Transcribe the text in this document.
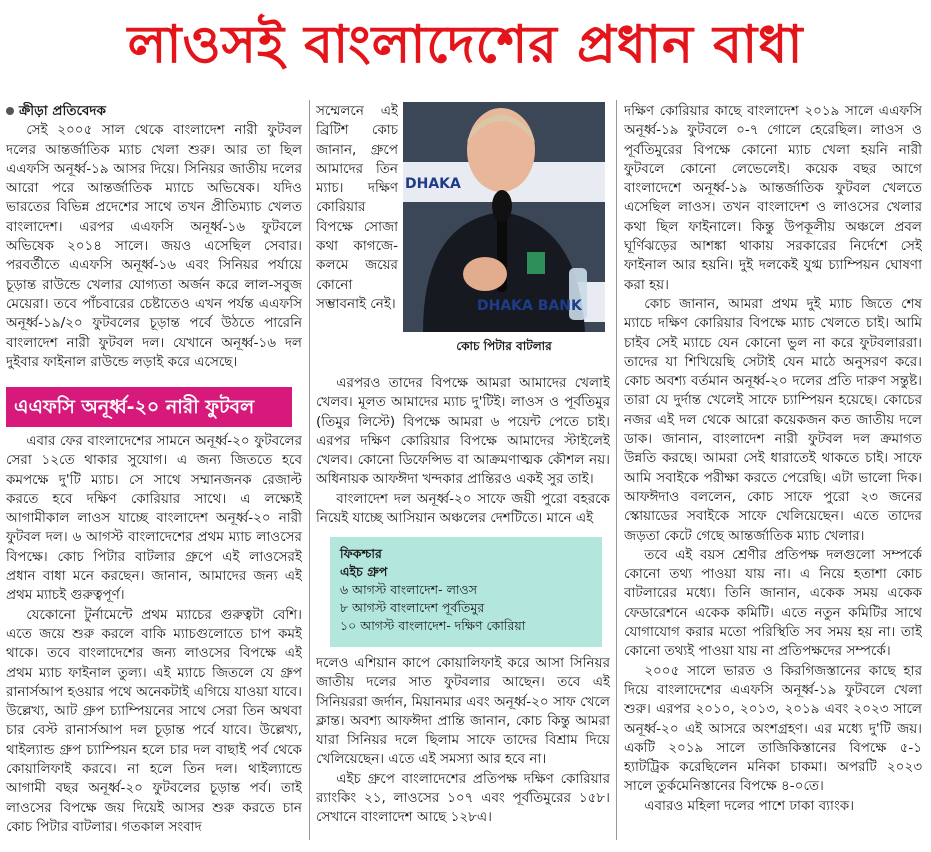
লাওসই বাংলাদেশের প্রধান বাধা
ক্রীড়া প্রতিবেদক

সেই ২০০৫ সাল থেকে বাংলাদেশ নারী ফুটবল দলের আন্তর্জাতিক ম্যাচ খেলা শুরু। আর তা ছিল এএফসি অনূর্ধ্ব-১৯ আসর দিয়ে। সিনিয়র জাতীয় দলের আরো পরে আন্তর্জাতিক ম্যাচে অভিষেক। যদিও ভারতের বিভিন্ন প্রদেশের সাথে তখন প্রীতিম্যাচ খেলত বাংলাদেশ। এরপর এএফসি অনূর্ধ্ব-১৬ ফুটবলে অভিষেক ২০১৪ সালে। জয়ও এসেছিল সেবার। পরবর্তীতে এএফসি অনূর্ধ্ব-১৬ এবং সিনিয়র পর্যায়ে চূড়ান্ত রাউন্ডে খেলার যোগ্যতা অর্জন করে লাল-সবুজ মেয়েরা। তবে পাঁচবারের চেষ্টাতেও এখন পর্যন্ত এএফসি অনূর্ধ্ব-১৯/২০ ফুটবলের চূড়ান্ত পর্বে উঠতে পারেনি বাংলাদেশ নারী ফুটবল দল। যেখানে অনূর্ধ্ব-১৬ দল দুইবার ফাইনাল রাউন্ডে লড়াই করে এসেছে।

এএফসি অনূর্ধ্ব-২০ নারী ফুটবল

এবার ফের বাংলাদেশের সামনে অনূর্ধ্ব-২০ ফুটবলের সেরা ১২তে থাকার সুযোগ। এ জন্য জিততে হবে কমপক্ষে দু'টি ম্যাচ। সে সাথে সম্মানজনক রেজাল্ট করতে হবে দক্ষিণ কোরিয়ার সাথে। এ লক্ষ্যেই আগামীকাল লাওস যাচ্ছে বাংলাদেশ অনূর্ধ্ব-২০ নারী ফুটবল দল। ৬ আগস্ট বাংলাদেশের প্রথম ম্যাচ লাওসের বিপক্ষে। কোচ পিটার বাটলার গ্রুপে এই লাওসেরই প্রধান বাধা মনে করছেন। জানান, আমাদের জন্য এই প্রথম ম্যাচই গুরুত্বপূর্ণ।

যেকোনো টুর্নামেন্টে প্রথম ম্যাচের গুরুত্বটা বেশি। এতে জয়ে শুরু করলে বাকি ম্যাচগুলোতে চাপ কমই থাকে। তবে বাংলাদেশের জন্য লাওসের বিপক্ষে এই প্রথম ম্যাচ ফাইনাল তুল্য। এই ম্যাচে জিতলে যে গ্রুপ রানার্সআপ হওয়ার পথে অনেকটাই এগিয়ে যাওয়া যাবে। উল্লেখ্য, আট গ্রুপ চ্যাম্পিয়নের সাথে সেরা তিন অথবা চার বেস্ট রানার্সআপ দল চূড়ান্ত পর্বে যাবে। উল্লেখ্য, থাইল্যান্ড গ্রুপ চ্যাম্পিয়ন হলে চার দল বাছাই পর্ব থেকে কোয়ালিফাই করবে। না হলে তিন দল। থাইল্যান্ডে আগামী বছর অনূর্ধ্ব-২০ ফুটবলের চূড়ান্ত পর্ব। তাই লাওসের বিপক্ষে জয় দিয়েই আসর শুরু করতে চান কোচ পিটার বাটলার। গতকাল সংবাদ

সম্মেলনে এই ব্রিটিশ কোচ জানান, গ্রুপে আমাদের তিন ম্যাচ। দক্ষিণ কোরিয়ার বিপক্ষে সোজা কথা কাগজে-কলমে জয়ের কোনো সম্ভাবনাই নেই।
DHAKA
DHAKA BANK
কোচ পিটার বাটলার

এরপরও তাদের বিপক্ষে আমরা আমাদের খেলাই খেলব। মূলত আমাদের ম্যাচ দু'টিই। লাওস ও পূর্বতিমুর (তিমুর লিস্টে) বিপক্ষে আমরা ৬ পয়েন্ট পেতে চাই। এরপর দক্ষিণ কোরিয়ার বিপক্ষে আমাদের স্টাইলেই খেলব। কোনো ডিফেন্সিভ বা আক্রমণাত্মক কৌশল নয়। অধিনায়ক আফঈদা খন্দকার প্রান্তিরও একই সুর তাই।

বাংলাদেশ দল অনূর্ধ্ব-২০ সাফে জয়ী পুরো বহরকে নিয়েই যাচ্ছে আসিয়ান অঞ্চলের দেশটিতে। মানে এই

ফিকশ্চার
এইচ গ্রুপ
৬ আগস্ট বাংলাদেশ- লাওস
৮ আগস্ট বাংলাদেশ পূর্বতিমুর
১০ আগস্ট বাংলাদেশ- দক্ষিণ কোরিয়া

দলেও এশিয়ান কাপে কোয়ালিফাই করে আসা সিনিয়র জাতীয় দলের সাত ফুটবলার আছেন। তবে এই সিনিয়ররা জর্দান, মিয়ানমার এবং অনূর্ধ্ব-২০ সাফ খেলে ক্লান্ত। অবশ্য আফঈদা প্রান্তি জানান, কোচ কিন্তু আমরা যারা সিনিয়র দলে ছিলাম সাফে তাদের বিশ্রাম দিয়ে খেলিয়েছেন। এতে এই সমস্যা আর হবে না।

এইচ গ্রুপে বাংলাদেশের প্রতিপক্ষ দক্ষিণ কোরিয়ার র‌্যাংকিং ২১, লাওসের ১০৭ এবং পূর্বতিমুরের ১৫৮। সেখানে বাংলাদেশ আছে ১২৮এ।

দক্ষিণ কোরিয়ার কাছে বাংলাদেশ ২০১৯ সালে এএফসি অনূর্ধ্ব-১৯ ফুটবলে ০-৭ গোলে হেরেছিল। লাওস ও পূর্বতিমুরের বিপক্ষে কোনো ম্যাচ খেলা হয়নি নারী ফুটবলে কোনো লেভেলেই। কয়েক বছর আগে বাংলাদেশে অনূর্ধ্ব-১৯ আন্তর্জাতিক ফুটবল খেলতে এসেছিল লাওস। তখন বাংলাদেশ ও লাওসের খেলার কথা ছিল ফাইনালে। কিন্তু উপকূলীয় অঞ্চলে প্রবল ঘূর্ণিঝড়ের আশঙ্কা থাকায় সরকারের নির্দেশে সেই ফাইনাল আর হয়নি। দুই দলকেই যুগ্ম চ্যাম্পিয়ন ঘোষণা করা হয়।

কোচ জানান, আমরা প্রথম দুই ম্যাচ জিতে শেষ ম্যাচে দক্ষিণ কোরিয়ার বিপক্ষে ম্যাচ খেলতে চাই। আমি চাইব সেই ম্যাচে যেন কোনো ভুল না করে ফুটবলাররা। তাদের যা শিখিয়েছি সেটাই যেন মাঠে অনুসরণ করে। কোচ অবশ্য বর্তমান অনূর্ধ্ব-২০ দলের প্রতি দারুণ সন্তুষ্ট। তারা যে দুর্দান্ত খেলেই সাফে চ্যাম্পিয়ন হয়েছে। কোচের নজর এই দল থেকে আরো কয়েকজন কত জাতীয় দলে ডাক। জানান, বাংলাদেশ নারী ফুটবল দল ক্রমাগত উন্নতি করছে। আমরা সেই ধারাতেই থাকতে চাই। সাফে আমি সবাইকে পরীক্ষা করতে পেরেছি। এটা ভালো দিক। আফঈদাও বললেন, কোচ সাফে পুরো ২৩ জনের স্কোয়াডের সবাইকে সাফে খেলিয়েছেন। এতে তাদের জড়তা কেটে গেছে আন্তর্জাতিক ম্যাচ খেলার।

তবে এই বয়স শ্রেণীর প্রতিপক্ষ দলগুলো সম্পর্কে কোনো তথ্য পাওয়া যায় না। এ নিয়ে হতাশা কোচ বাটলারের মধ্যে। তিনি জানান, একেক সময় একেক ফেডারেশনে একেক কমিটি। এতে নতুন কমিটির সাথে যোগাযোগ করার মতো পরিস্থিতি সব সময় হয় না। তাই কোনো তথ্যই পাওয়া যায় না প্রতিপক্ষদের সম্পর্কে।

২০০৫ সালে ভারত ও কিরগিজস্তানের কাছে হার দিয়ে বাংলাদেশের এএফসি অনূর্ধ্ব-১৯ ফুটবলে খেলা শুরু। এরপর ২০১০, ২০১৩, ২০১৯ এবং ২০২৩ সালে অনূর্ধ্ব-২০ এই আসরে অংশগ্রহণ। এর মধ্যে দু'টি জয়। একটি ২০১৯ সালে তাজিকিস্তানের বিপক্ষে ৫-১ হ্যাটট্রিক করেছিলেন মনিকা চাকমা। অপরটি ২০২৩ সালে তুর্কমেনিস্তানের বিপক্ষে ৪-০তে।

এবারও মহিলা দলের পাশে ঢাকা ব্যাংক।
